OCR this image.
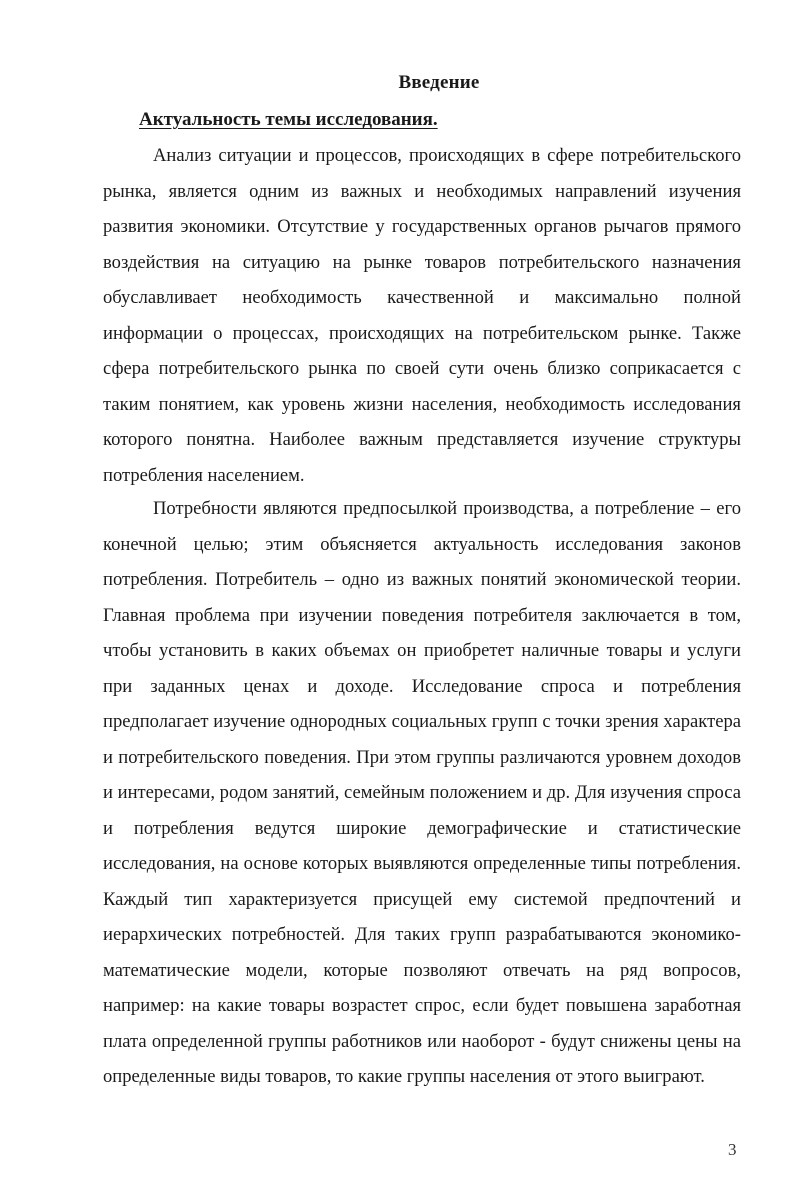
Введение
Актуальность темы исследования.

Анализ ситуации и процессов, происходящих в сфере потребительского рынка, является одним из важных и необходимых направлений изучения развития экономики. Отсутствие у государственных органов рычагов прямого воздействия на ситуацию на рынке товаров потребительского назначения обуславливает необходимость качественной и максимально полной информации о процессах, происходящих на потребительском рынке. Также сфера потребительского рынка по своей сути очень близко соприкасается с таким понятием, как уровень жизни населения, необходимость исследования которого понятна. Наиболее важным представляется изучение структуры потребления населением.

Потребности являются предпосылкой производства, а потребление – его конечной целью; этим объясняется актуальность исследования законов потребления. Потребитель – одно из важных понятий экономической теории. Главная проблема при изучении поведения потребителя заключается в том, чтобы установить в каких объемах он приобретет наличные товары и услуги при заданных ценах и доходе. Исследование спроса и потребления предполагает изучение однородных социальных групп с точки зрения характера и потребительского поведения. При этом группы различаются уровнем доходов и интересами, родом занятий, семейным положением и др. Для изучения спроса и потребления ведутся широкие демографические и статистические исследования, на основе которых выявляются определенные типы потребления. Каждый тип характеризуется присущей ему системой предпочтений и иерархических потребностей. Для таких групп разрабатываются экономико-математические модели, которые позволяют отвечать на ряд вопросов, например: на какие товары возрастет спрос, если будет повышена заработная плата определенной группы работников или наоборот - будут снижены цены на определенные виды товаров, то какие группы населения от этого выиграют.

3
